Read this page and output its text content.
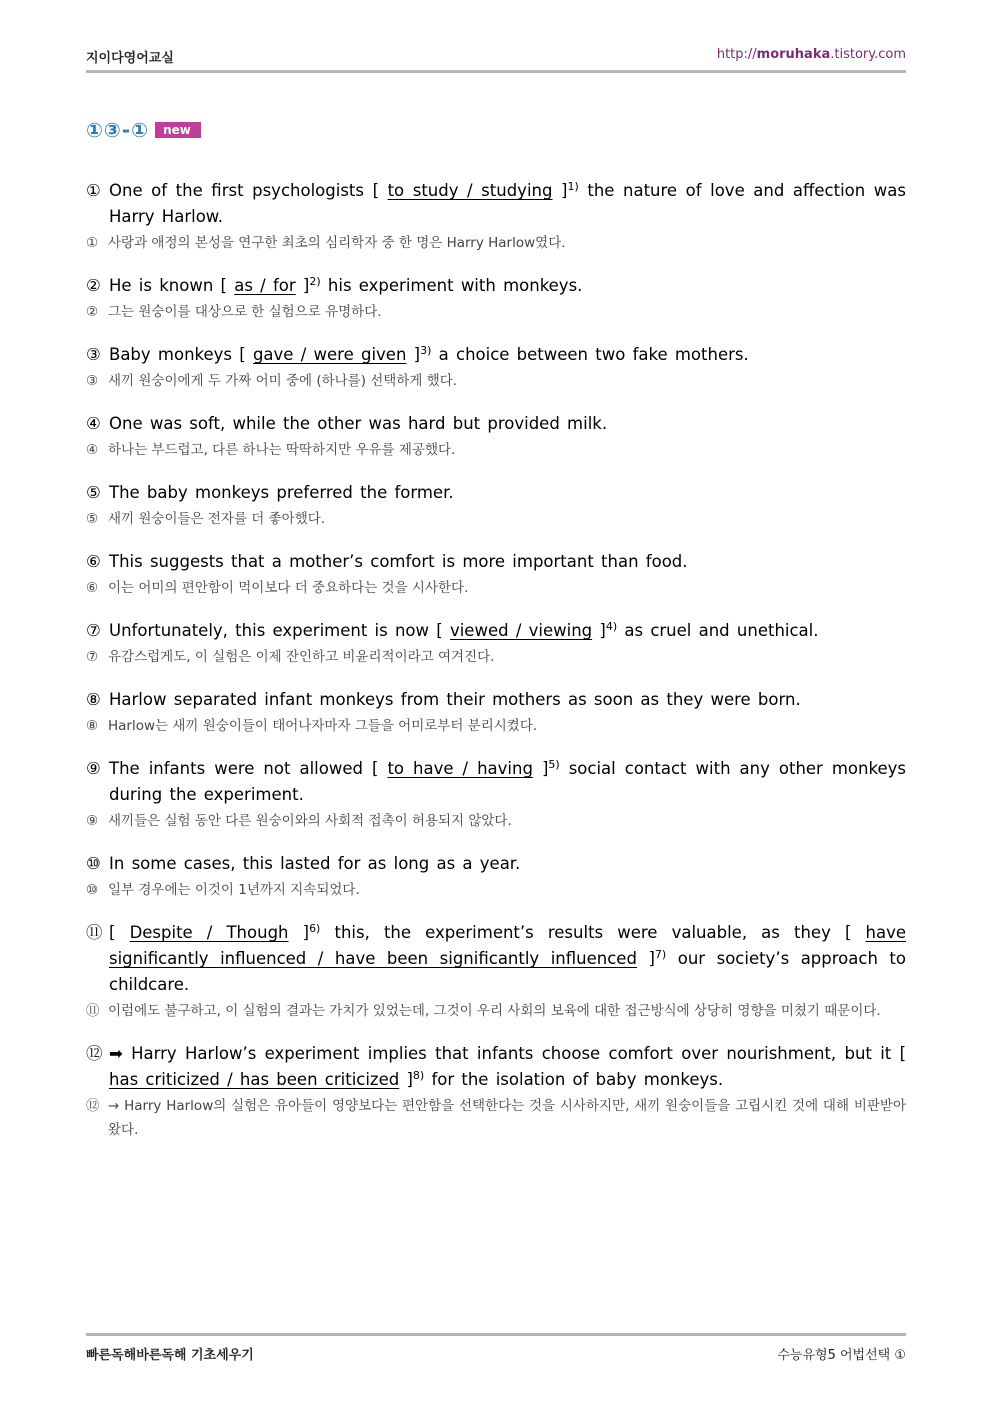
지이다영어교실	http://moruhaka.tistory.com
①③-① new
① One of the first psychologists [ to study / studying ]$^{1)}$ the nature of love and affection was Harry Harlow.
① 사랑과 애정의 본성을 연구한 최초의 심리학자 중 한 명은 Harry Harlow였다.
② He is known [ as / for ]$^{2)}$ his experiment with monkeys.
② 그는 원숭이를 대상으로 한 실험으로 유명하다.
③ Baby monkeys [ gave / were given ]$^{3)}$ a choice between two fake mothers.
③ 새끼 원숭이에게 두 가짜 어미 중에 (하나를) 선택하게 했다.
④ One was soft, while the other was hard but provided milk.
④ 하나는 부드럽고, 다른 하나는 딱딱하지만 우유를 제공했다.
⑤ The baby monkeys preferred the former.
⑤ 새끼 원숭이들은 전자를 더 좋아했다.
⑥ This suggests that a mother’s comfort is more important than food.
⑥ 이는 어미의 편안함이 먹이보다 더 중요하다는 것을 시사한다.
⑦ Unfortunately, this experiment is now [ viewed / viewing ]$^{4)}$ as cruel and unethical.
⑦ 유감스럽게도, 이 실험은 이제 잔인하고 비윤리적이라고 여겨진다.
⑧ Harlow separated infant monkeys from their mothers as soon as they were born.
⑧ Harlow는 새끼 원숭이들이 태어나자마자 그들을 어미로부터 분리시켰다.
⑨ The infants were not allowed [ to have / having ]$^{5)}$ social contact with any other monkeys during the experiment.
⑨ 새끼들은 실험 동안 다른 원숭이와의 사회적 접촉이 허용되지 않았다.
⑩ In some cases, this lasted for as long as a year.
⑩ 일부 경우에는 이것이 1년까지 지속되었다.
⑪ [ Despite / Though ]$^{6)}$ this, the experiment’s results were valuable, as they [ have significantly influenced / have been significantly influenced ]$^{7)}$ our society’s approach to childcare.
⑪ 이럼에도 불구하고, 이 실험의 결과는 가치가 있었는데, 그것이 우리 사회의 보육에 대한 접근방식에 상당히 영향을 미쳤기 때문이다.
⑫ ➡ Harry Harlow’s experiment implies that infants choose comfort over nourishment, but it [ has criticized / has been criticized ]$^{8)}$ for the isolation of baby monkeys.
⑫ → Harry Harlow의 실험은 유아들이 영양보다는 편안함을 선택한다는 것을 시사하지만, 새끼 원숭이들을 고립시킨 것에 대해 비판받아 왔다.
빠른독해바른독해 기초세우기	수능유형5 어법선택 ①
